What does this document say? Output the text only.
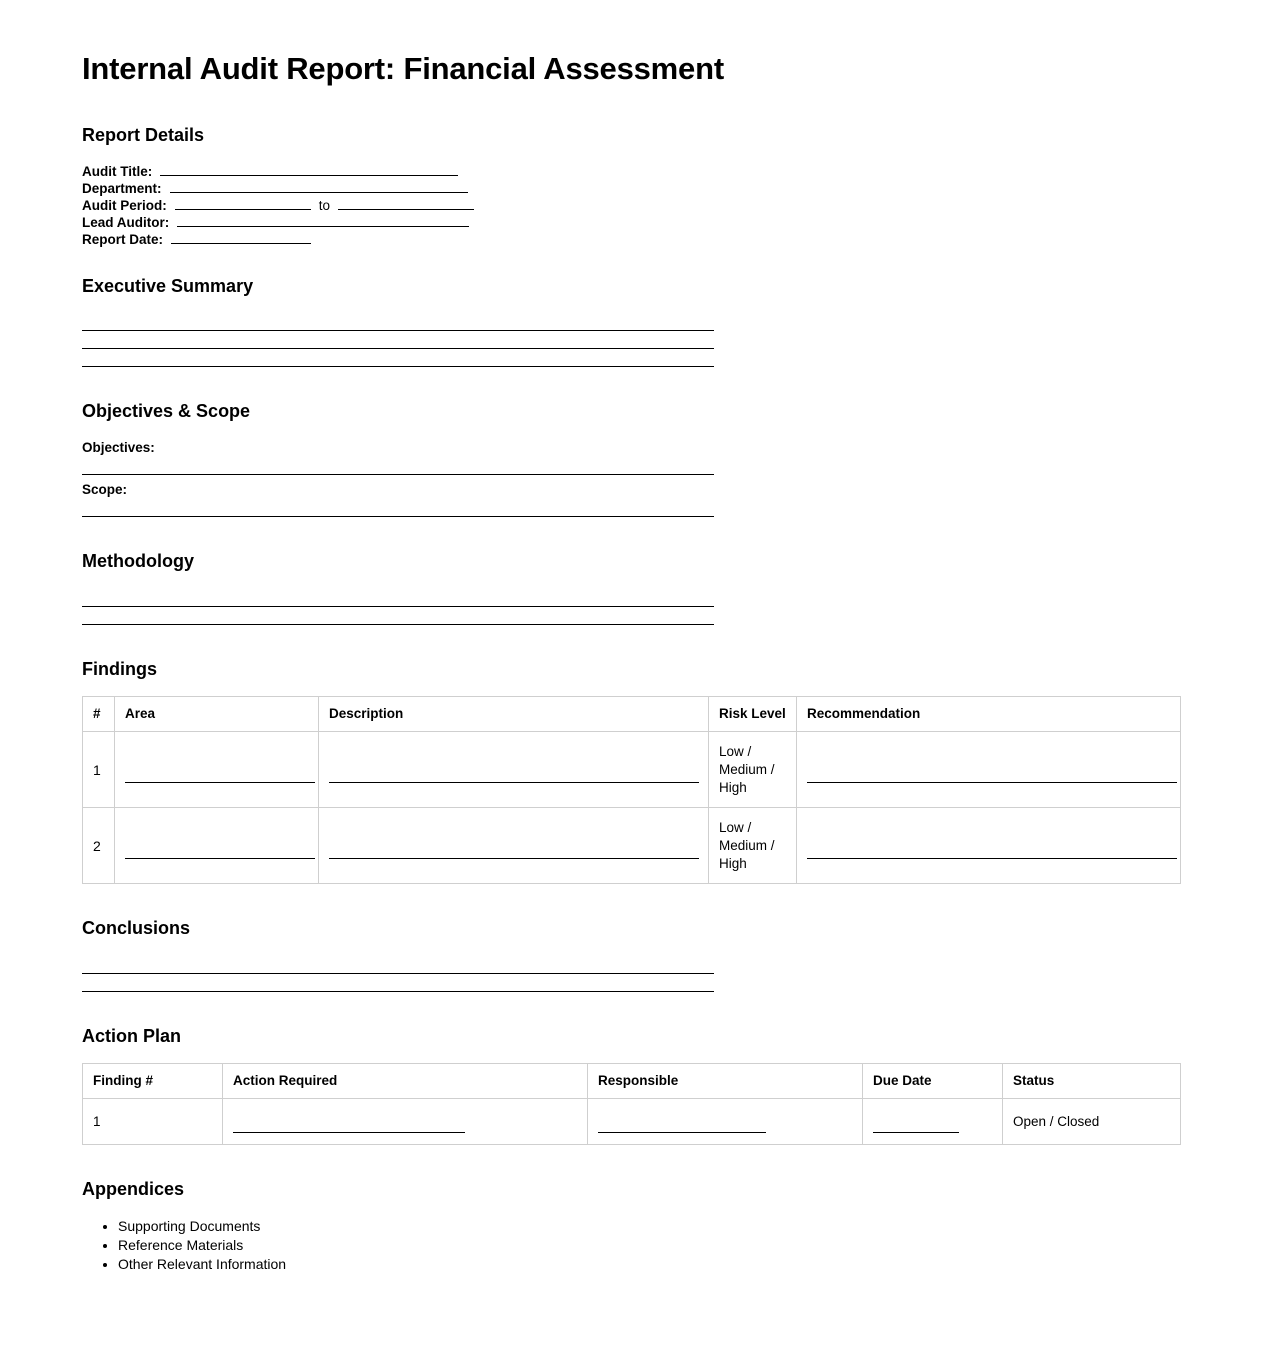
Internal Audit Report: Financial Assessment
Report Details
Audit Title:
Department:
Audit Period:	to
Lead Auditor:
Report Date:
Executive Summary
Objectives & Scope
Objectives:
Scope:
Methodology
Findings
#	Area	Description	Risk Level	Recommendation
1			Low / Medium / High	

2			Low / Medium / High	
Conclusions
Action Plan
Finding #	Action Required	Responsible	Due Date	Status
1				Open / Closed
Appendices
• Supporting Documents
• Reference Materials
• Other Relevant Information
